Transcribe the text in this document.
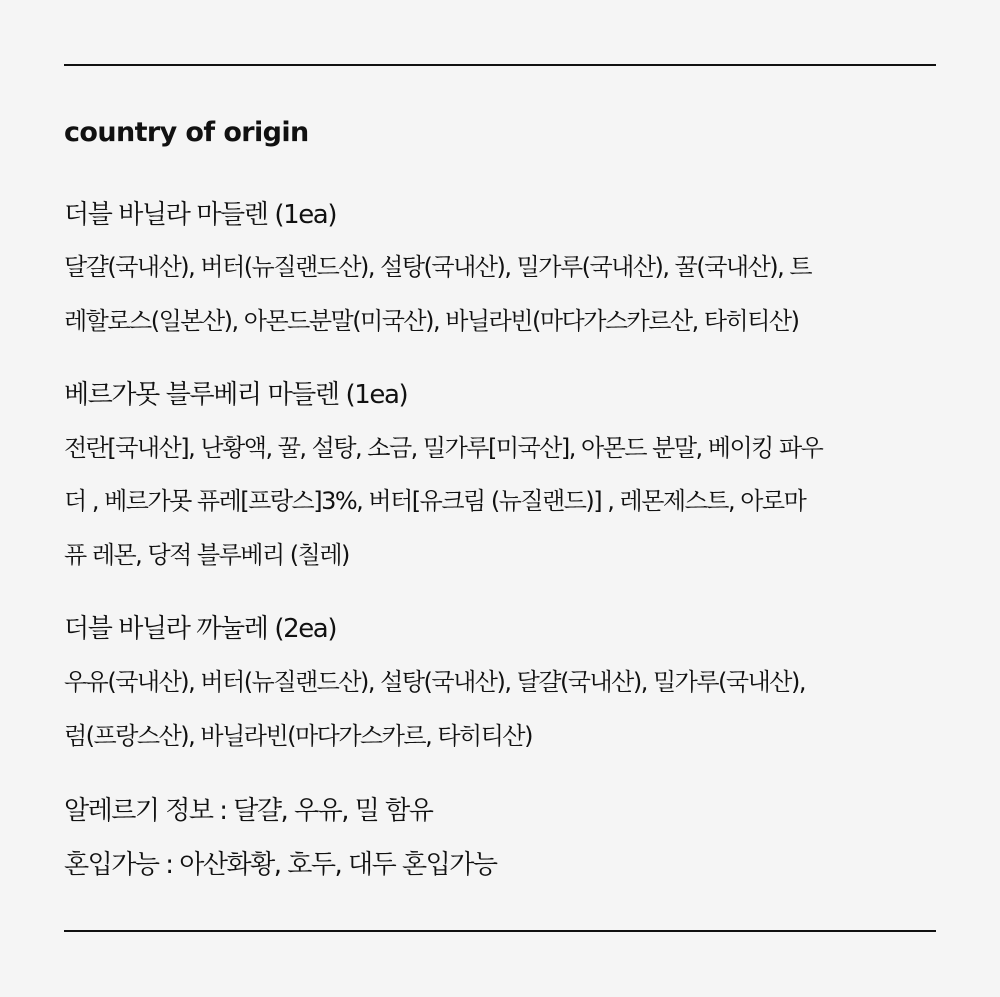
country of origin
더블 바닐라 마들렌 (1ea)
달걀(국내산), 버터(뉴질랜드산), 설탕(국내산), 밀가루(국내산), 꿀(국내산), 트
레할로스(일본산), 아몬드분말(미국산), 바닐라빈(마다가스카르산, 타히티산)
베르가못 블루베리 마들렌 (1ea)
전란[국내산], 난황액, 꿀, 설탕, 소금, 밀가루[미국산], 아몬드 분말, 베이킹 파우
더 , 베르가못 퓨레[프랑스]3%, 버터[유크림 (뉴질랜드)] , 레몬제스트, 아로마
퓨 레몬, 당적 블루베리 (칠레)
더블 바닐라 까눌레 (2ea)
우유(국내산), 버터(뉴질랜드산), 설탕(국내산), 달걀(국내산), 밀가루(국내산),
럼(프랑스산), 바닐라빈(마다가스카르, 타히티산)
알레르기 정보 : 달걀, 우유, 밀 함유
혼입가능 : 아산화황, 호두, 대두 혼입가능
